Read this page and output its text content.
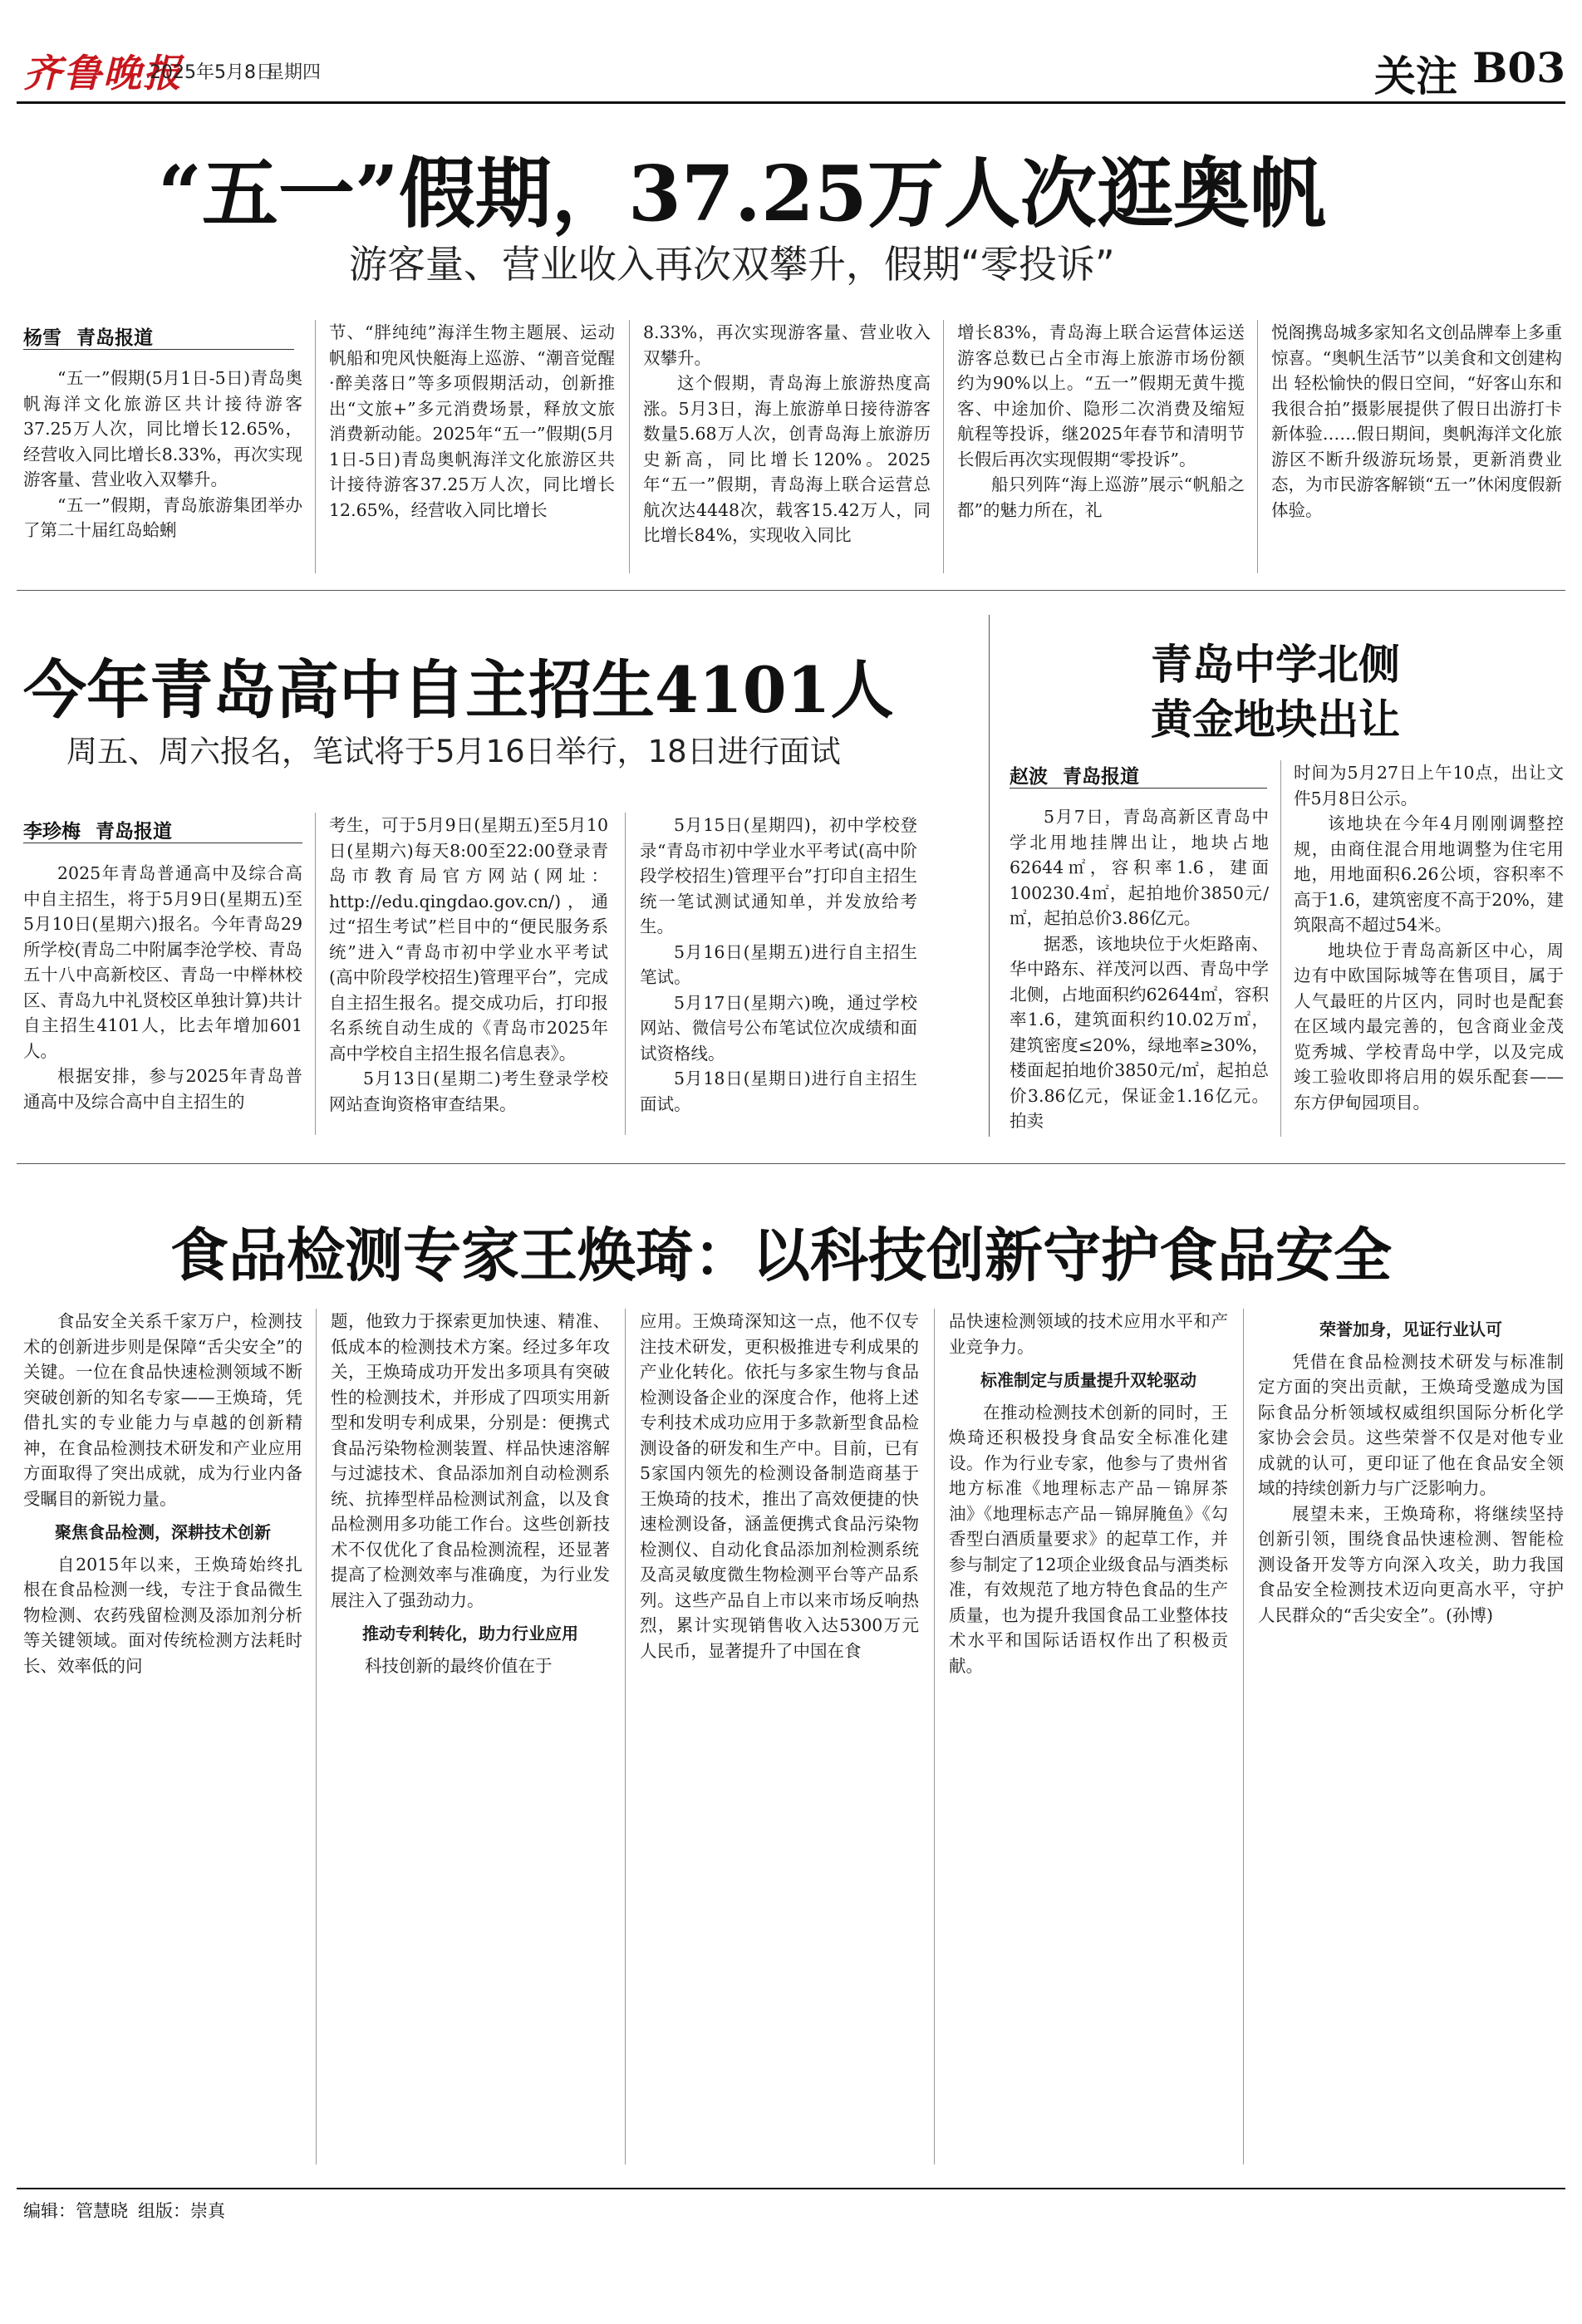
齐鲁晚报
2025年5月8日
星期四	关注 B03
“五一”假期，37.25万人次逛奥帆
游客量、营业收入再次双攀升，假期“零投诉”
杨雪 青岛报道

“五一”假期(5月1日-5日)青岛奥帆海洋文化旅游区共计接待游客37.25万人次，同比增长12.65%，经营收入同比增长8.33%，再次实现游客量、营业收入双攀升。

“五一”假期，青岛旅游集团举办了第二十届红岛蛤蜊

节、“胖纯纯”海洋生物主题展、运动帆船和兜风快艇海上巡游、“潮音觉醒·醉美落日”等多项假期活动，创新推出“文旅+”多元消费场景，释放文旅消费新动能。2025年“五一”假期(5月1日-5日)青岛奥帆海洋文化旅游区共计接待游客37.25万人次，同比增长12.65%，经营收入同比增长

8.33%，再次实现游客量、营业收入双攀升。

这个假期，青岛海上旅游热度高涨。5月3日，海上旅游单日接待游客数量5.68万人次，创青岛海上旅游历史新高，同比增长120%。2025年“五一”假期，青岛海上联合运营总航次达4448次，载客15.42万人，同比增长84%，实现收入同比

增长83%，青岛海上联合运营体运送游客总数已占全市海上旅游市场份额约为90%以上。“五一”假期无黄牛揽客、中途加价、隐形二次消费及缩短航程等投诉，继2025年春节和清明节长假后再次实现假期“零投诉”。

船只列阵“海上巡游”展示“帆船之都”的魅力所在，礼

悦阁携岛城多家知名文创品牌奉上多重惊喜。“奥帆生活节”以美食和文创建构出 轻松愉快的假日空间，“好客山东和我很合拍”摄影展提供了假日出游打卡新体验……假日期间，奥帆海洋文化旅游区不断升级游玩场景，更新消费业态，为市民游客解锁“五一”休闲度假新体验。

今年青岛高中自主招生4101人
周五、周六报名，笔试将于5月16日举行，18日进行面试
李珍梅 青岛报道

2025年青岛普通高中及综合高中自主招生，将于5月9日(星期五)至5月10日(星期六)报名。今年青岛29所学校(青岛二中附属李沧学校、青岛五十八中高新校区、青岛一中榉林校区、青岛九中礼贤校区单独计算)共计自主招生4101人，比去年增加601人。

根据安排，参与2025年青岛普通高中及综合高中自主招生的

考生，可于5月9日(星期五)至5月10日(星期六)每天8:00至22:00登录青岛市教育局官方网站(网址：http://edu.qingdao.gov.cn/)，通过“招生考试”栏目中的“便民服务系统”进入“青岛市初中学业水平考试(高中阶段学校招生)管理平台”，完成自主招生报名。提交成功后，打印报名系统自动生成的《青岛市2025年高中学校自主招生报名信息表》。

5月13日(星期二)考生登录学校网站查询资格审查结果。

5月15日(星期四)，初中学校登录“青岛市初中学业水平考试(高中阶段学校招生)管理平台”打印自主招生统一笔试测试通知单，并发放给考生。

5月16日(星期五)进行自主招生笔试。

5月17日(星期六)晚，通过学校网站、微信号公布笔试位次成绩和面试资格线。

5月18日(星期日)进行自主招生面试。

青岛中学北侧
黄金地块出让
赵波 青岛报道

5月7日，青岛高新区青岛中学北用地挂牌出让，地块占地62644㎡，容积率1.6，建面100230.4㎡，起拍地价3850元/㎡，起拍总价3.86亿元。

据悉，该地块位于火炬路南、华中路东、祥茂河以西、青岛中学北侧，占地面积约62644㎡，容积率1.6，建筑面积约10.02万㎡，建筑密度≤20%，绿地率≥30%，楼面起拍地价3850元/㎡，起拍总价3.86亿元，保证金1.16亿元。拍卖

时间为5月27日上午10点，出让文件5月8日公示。

该地块在今年4月刚刚调整控规，由商住混合用地调整为住宅用地，用地面积6.26公顷，容积率不高于1.6，建筑密度不高于20%，建筑限高不超过54米。

地块位于青岛高新区中心，周边有中欧国际城等在售项目，属于人气最旺的片区内，同时也是配套在区域内最完善的，包含商业金茂览秀城、学校青岛中学，以及完成竣工验收即将启用的娱乐配套——东方伊甸园项目。

食品检测专家王焕琦：以科技创新守护食品安全

食品安全关系千家万户，检测技术的创新进步则是保障“舌尖安全”的关键。一位在食品快速检测领域不断突破创新的知名专家——王焕琦，凭借扎实的专业能力与卓越的创新精神，在食品检测技术研发和产业应用方面取得了突出成就，成为行业内备受瞩目的新锐力量。

聚焦食品检测，深耕技术创新

自2015年以来，王焕琦始终扎根在食品检测一线，专注于食品微生物检测、农药残留检测及添加剂分析等关键领域。面对传统检测方法耗时长、效率低的问

题，他致力于探索更加快速、精准、低成本的检测技术方案。经过多年攻关，王焕琦成功开发出多项具有突破性的检测技术，并形成了四项实用新型和发明专利成果，分别是：便携式食品污染物检测装置、样品快速溶解与过滤技术、食品添加剂自动检测系统、抗捧型样品检测试剂盒，以及食品检测用多功能工作台。这些创新技术不仅优化了食品检测流程，还显著提高了检测效率与准确度，为行业发展注入了强劲动力。

推动专利转化，助力行业应用

科技创新的最终价值在于

应用。王焕琦深知这一点，他不仅专注技术研发，更积极推进专利成果的产业化转化。依托与多家生物与食品检测设备企业的深度合作，他将上述专利技术成功应用于多款新型食品检测设备的研发和生产中。目前，已有5家国内领先的检测设备制造商基于王焕琦的技术，推出了高效便捷的快速检测设备，涵盖便携式食品污染物检测仪、自动化食品添加剂检测系统及高灵敏度微生物检测平台等产品系列。这些产品自上市以来市场反响热烈，累计实现销售收入达5300万元人民币，显著提升了中国在食

品快速检测领域的技术应用水平和产业竞争力。

标准制定与质量提升双轮驱动

在推动检测技术创新的同时，王焕琦还积极投身食品安全标准化建设。作为行业专家，他参与了贵州省地方标准《地理标志产品－锦屏茶油》《地理标志产品－锦屏腌鱼》《勾香型白酒质量要求》的起草工作，并参与制定了12项企业级食品与酒类标准，有效规范了地方特色食品的生产质量，也为提升我国食品工业整体技术水平和国际话语权作出了积极贡献。

荣誉加身，见证行业认可

凭借在食品检测技术研发与标准制定方面的突出贡献，王焕琦受邀成为国际食品分析领域权威组织国际分析化学家协会会员。这些荣誉不仅是对他专业成就的认可，更印证了他在食品安全领域的持续创新力与广泛影响力。

展望未来，王焕琦称，将继续坚持创新引领，围绕食品快速检测、智能检测设备开发等方向深入攻关，助力我国食品安全检测技术迈向更高水平，守护人民群众的“舌尖安全”。(孙博)

编辑：管慧晓 组版：崇真
